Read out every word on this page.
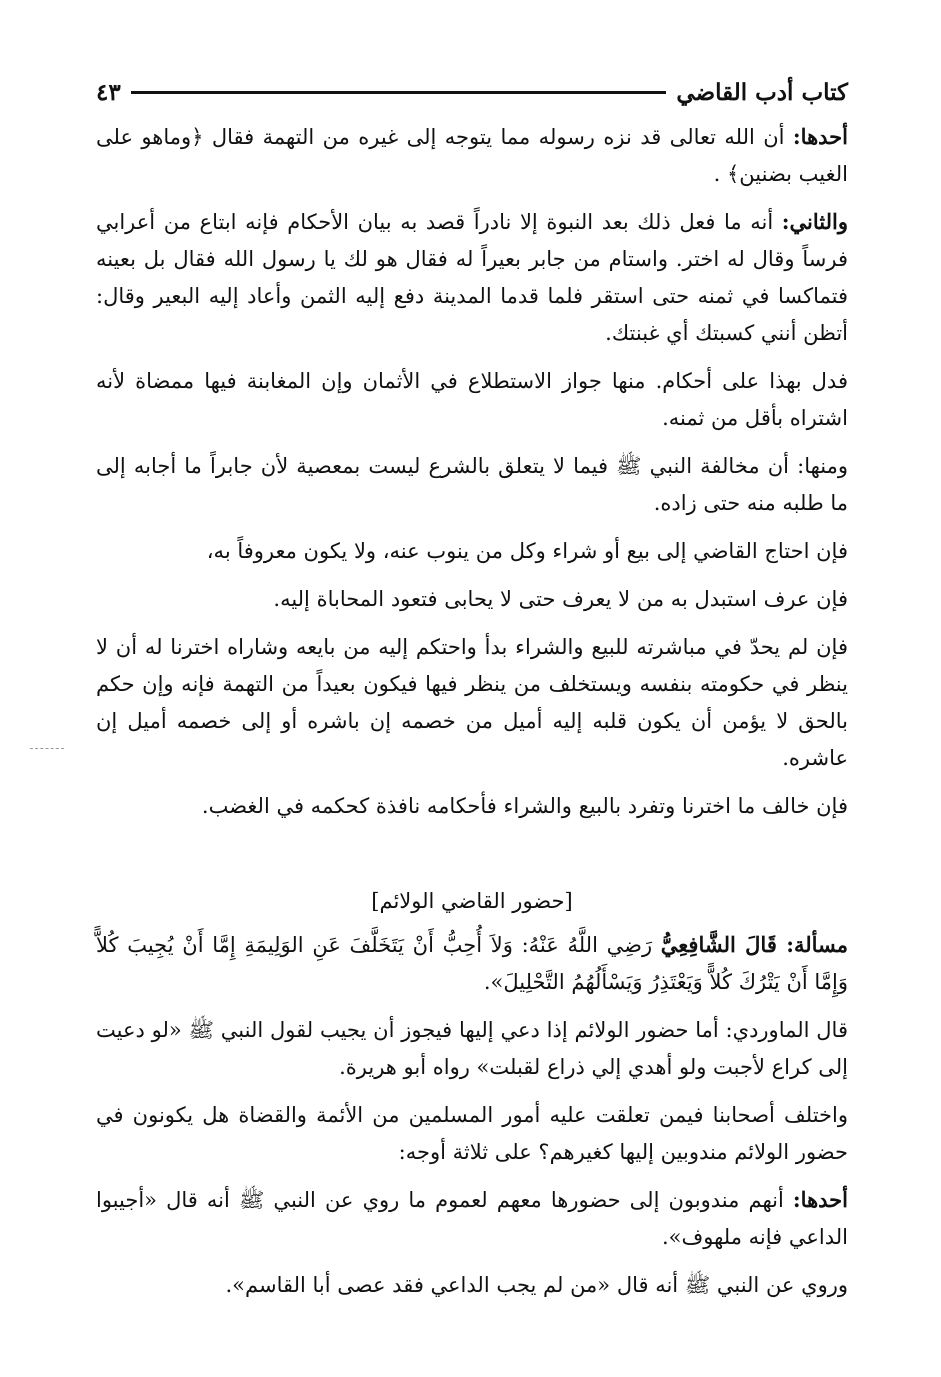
كتاب أدب القاضي
٤٣

أحدها: أن الله تعالى قد نزه رسوله مما يتوجه إلى غيره من التهمة فقال ﴿وماهو على الغيب بضنين﴾ .

والثاني: أنه ما فعل ذلك بعد النبوة إلا نادراً قصد به بيان الأحكام فإنه ابتاع من أعرابي فرساً وقال له اختر. واستام من جابر بعيراً له فقال هو لك يا رسول الله فقال بل بعينه فتماكسا في ثمنه حتى استقر فلما قدما المدينة دفع إليه الثمن وأعاد إليه البعير وقال: أتظن أنني كسبتك أي غبنتك.

فدل بهذا على أحكام. منها جواز الاستطلاع في الأثمان وإن المغابنة فيها ممضاة لأنه اشتراه بأقل من ثمنه.

ومنها: أن مخالفة النبي ﷺ فيما لا يتعلق بالشرع ليست بمعصية لأن جابراً ما أجابه إلى ما طلبه منه حتى زاده.

فإن احتاج القاضي إلى بيع أو شراء وكل من ينوب عنه، ولا يكون معروفاً به،

فإن عرف استبدل به من لا يعرف حتى لا يحابى فتعود المحاباة إليه.

فإن لم يحدّ في مباشرته للبيع والشراء بدأ واحتكم إليه من بايعه وشاراه اخترنا له أن لا ينظر في حكومته بنفسه ويستخلف من ينظر فيها فيكون بعيداً من التهمة فإنه وإن حكم بالحق لا يؤمن أن يكون قلبه إليه أميل من خصمه إن باشره أو إلى خصمه أميل إن عاشره.

فإن خالف ما اخترنا وتفرد بالبيع والشراء فأحكامه نافذة كحكمه في الغضب.

[حضور القاضي الولائم]

مسألة: قَالَ الشَّافِعِيُّ رَضِي اللَّهُ عَنْهُ: وَلاَ أُحِبُّ أَنْ يَتَخَلَّفَ عَنِ الوَلِيمَةِ إِمَّا أَنْ يُجِيبَ كُلاًّ وَإِمَّا أَنْ يَتْرُكَ كُلاًّ وَيَعْتَذِرُ وَيَسْأَلُهُمُ التَّحْلِيلَ».

قال الماوردي: أما حضور الولائم إذا دعي إليها فيجوز أن يجيب لقول النبي ﷺ «لو دعيت إلى كراع لأجبت ولو أهدي إلي ذراع لقبلت» رواه أبو هريرة.

واختلف أصحابنا فيمن تعلقت عليه أمور المسلمين من الأئمة والقضاة هل يكونون في حضور الولائم مندوبين إليها كغيرهم؟ على ثلاثة أوجه:

أحدها: أنهم مندوبون إلى حضورها معهم لعموم ما روي عن النبي ﷺ أنه قال «أجيبوا الداعي فإنه ملهوف».

وروي عن النبي ﷺ أنه قال «من لم يجب الداعي فقد عصى أبا القاسم».
